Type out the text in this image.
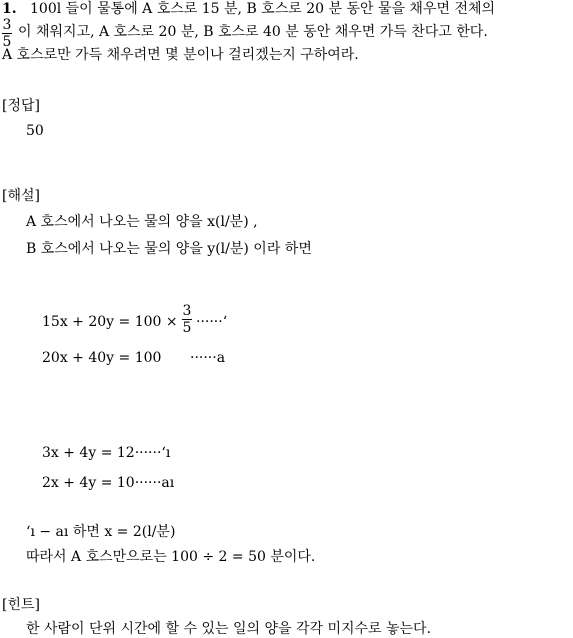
1. 100l 들이 물통에 A 호스로 15 분, B 호스로 20 분 동안 물을 채우면 전체의
3
5
이 채워지고, A 호스로 20 분, B 호스로 40 분 동안 채우면 가득 찬다고 한다.
A 호스로만 가득 채우려면 몇 분이나 걸리겠는지 구하여라.
[정답]
50
[해설]
A 호스에서 나오는 물의 양을 x(l/분) ,
B 호스에서 나오는 물의 양을 y(l/분) 이라 하면
15x + 20y = 100 ×
3
5 ······‘
20x + 40y = 100 ······a
3x + 4y = 12······‘ı
2x + 4y = 10······aı
‘ı − aı 하면 x = 2(l/분)
따라서 A 호스만으로는 100 ÷ 2 = 50 분이다.
[힌트]
한 사람이 단위 시간에 할 수 있는 일의 양을 각각 미지수로 놓는다.
